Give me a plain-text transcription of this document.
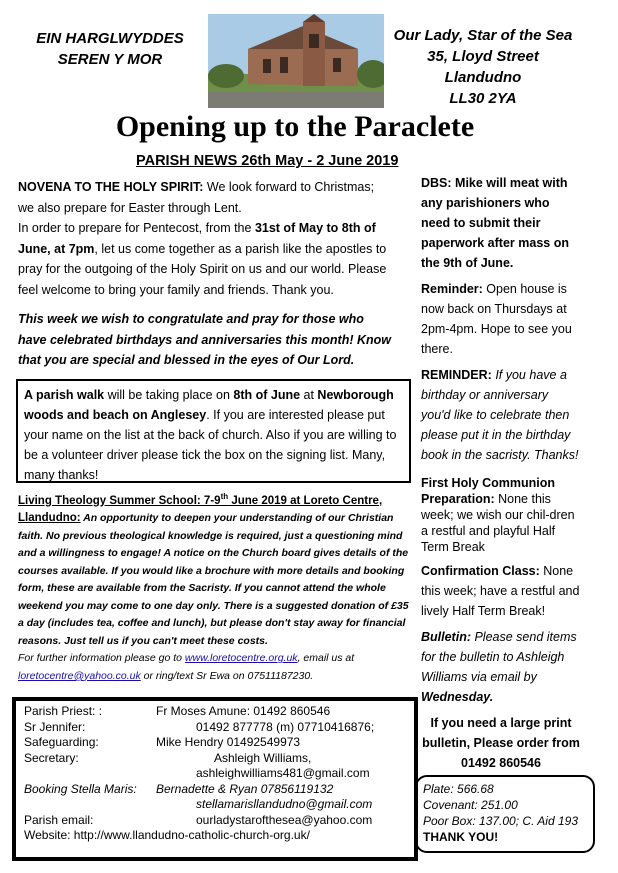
EIN HARGLWYDDES
SEREN Y MOR
Our Lady, Star of the Sea
35, Lloyd Street
Llandudno
LL30 2YA
Opening up to the Paraclete
PARISH NEWS 26th May - 2 June 2019

NOVENA TO THE HOLY SPIRIT: We look forward to Christmas; we also prepare for Easter through Lent.

In order to prepare for Pentecost, from the 31st of May to 8th of June, at 7pm, let us come together as a parish like the apostles to pray for the outgoing of the Holy Spirit on us and our world. Please feel welcome to bring your family and friends. Thank you.

This week we wish to congratulate and pray for those who have celebrated birthdays and anniversaries this month! Know that you are special and blessed in the eyes of Our Lord.

A parish walk will be taking place on 8th of June at Newborough woods and beach on Anglesey. If you are interested please put your name on the list at the back of church. Also if you are willing to be a volunteer driver please tick the box on the signing list. Many, many thanks!
Living Theology Summer School: 7-9th June 2019 at Loreto Centre, Llandudno: An opportunity to deepen your understanding of our Christian faith. No previous theological knowledge is required, just a questioning mind and a willingness to engage! A notice on the Church board gives details of the courses available. If you would like a brochure with more details and booking form, these are available from the Sacristy. If you cannot attend the whole weekend you may come to one day only. There is a suggested donation of £35 a day (includes tea, coffee and lunch), but please don't stay away for financial reasons. Just tell us if you can't meet these costs.
For further information please go to www.loretocentre.org.uk, email us at loretocentre@yahoo.co.uk or ring/text Sr Ewa on 07511187230.
Parish Priest: :	Fr Moses Amune: 01492 860546
Sr Jennifer:	01492 877778 (m) 07710416876;
Safeguarding:	Mike Hendry 01492549973
Secretary:	Ashleigh Williams,
ashleighwilliams481@gmail.com
Booking Stella Maris: Bernadette & Ryan 07856119132
stellamarisllandudno@gmail.com
Parish email:	ourladystarofthesea@yahoo.com
Website: http://www.llandudno-catholic-church-org.uk/

DBS: Mike will meat with any parishioners who need to submit their paperwork after mass on the 9th of June.

Reminder: Open house is now back on Thursdays at 2pm-4pm. Hope to see you there.

REMINDER: If you have a birthday or anniversary you'd like to celebrate then please put it in the birthday book in the sacristy. Thanks!

First Holy Communion Preparation: None this week; we wish our chil-dren a restful and playful Half Term Break

Confirmation Class: None this week; have a restful and lively Half Term Break!

Bulletin: Please send items for the bulletin to Ashleigh Williams via email by Wednesday.

If you need a large print bulletin, Please order from 01492 860546

Plate: 566.68
Covenant: 251.00
Poor Box: 137.00; C. Aid 193
THANK YOU!
